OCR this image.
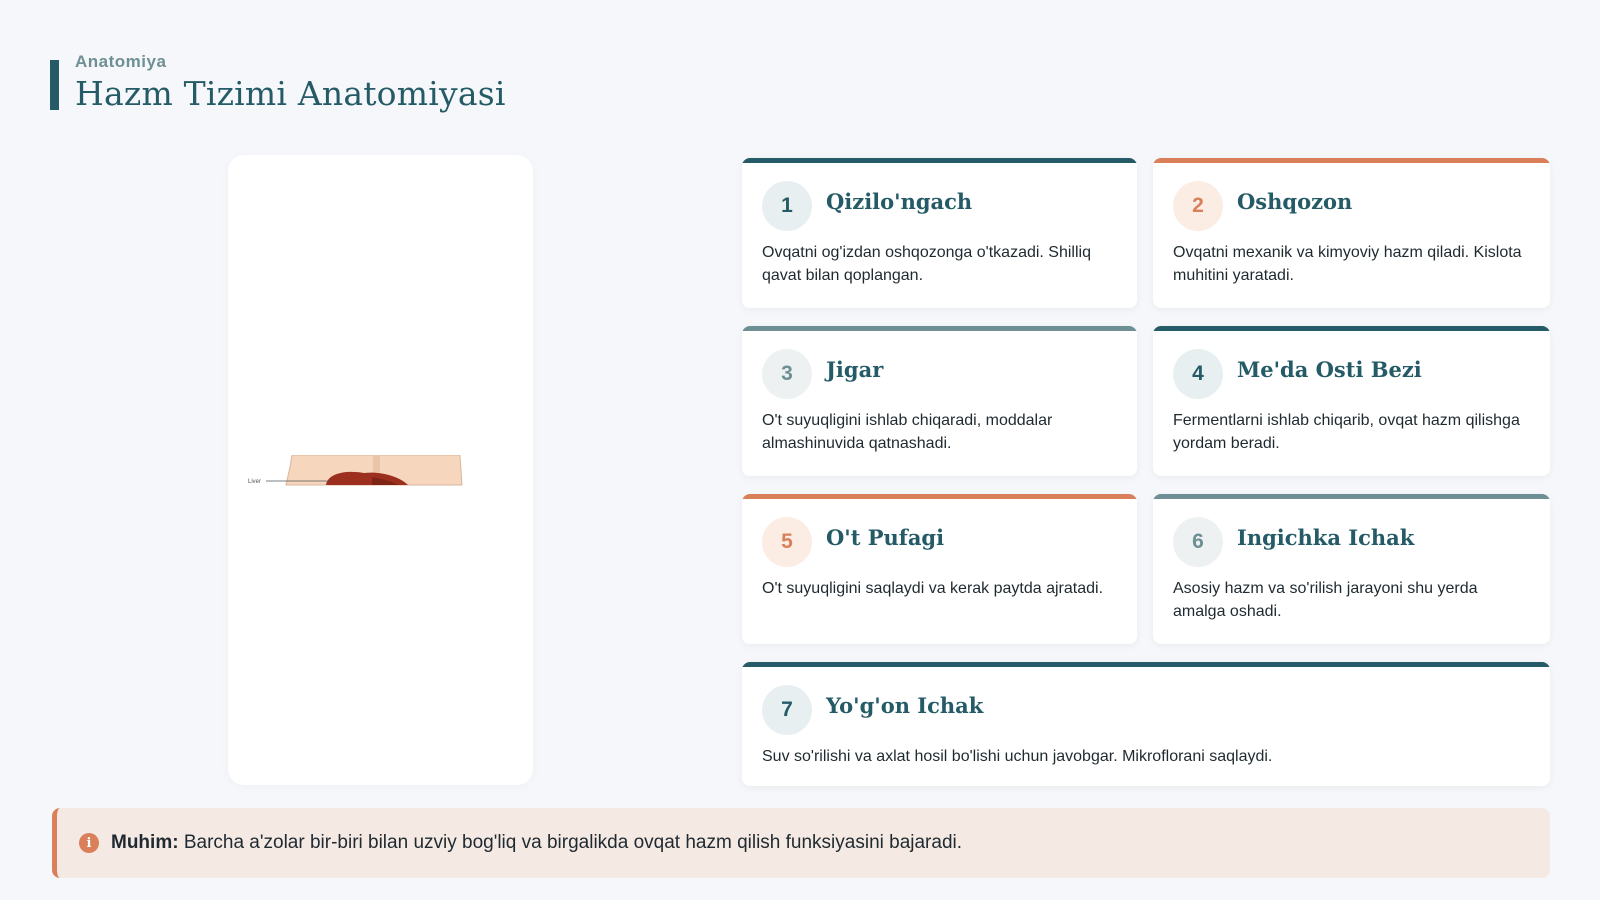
Anatomiya
Hazm Tizimi Anatomiyasi
Liver
1	Qizilo'ngach
Ovqatni og'izdan oshqozonga o'tkazadi. Shilliq qavat bilan qoplangan.
2	Oshqozon
Ovqatni mexanik va kimyoviy hazm qiladi. Kislota muhitini yaratadi.
3	Jigar
O't suyuqligini ishlab chiqaradi, moddalar almashinuvida qatnashadi.
4	Me'da Osti Bezi
Fermentlarni ishlab chiqarib, ovqat hazm qilishga yordam beradi.
5	O't Pufagi
O't suyuqligini saqlaydi va kerak paytda ajratadi.
6	Ingichka Ichak
Asosiy hazm va so'rilish jarayoni shu yerda amalga oshadi.
7	Yo'g'on Ichak
Suv so'rilishi va axlat hosil bo'lishi uchun javobgar. Mikroflorani saqlaydi.
i	Muhim: Barcha a'zolar bir-biri bilan uzviy bog'liq va birgalikda ovqat hazm qilish funksiyasini bajaradi.
